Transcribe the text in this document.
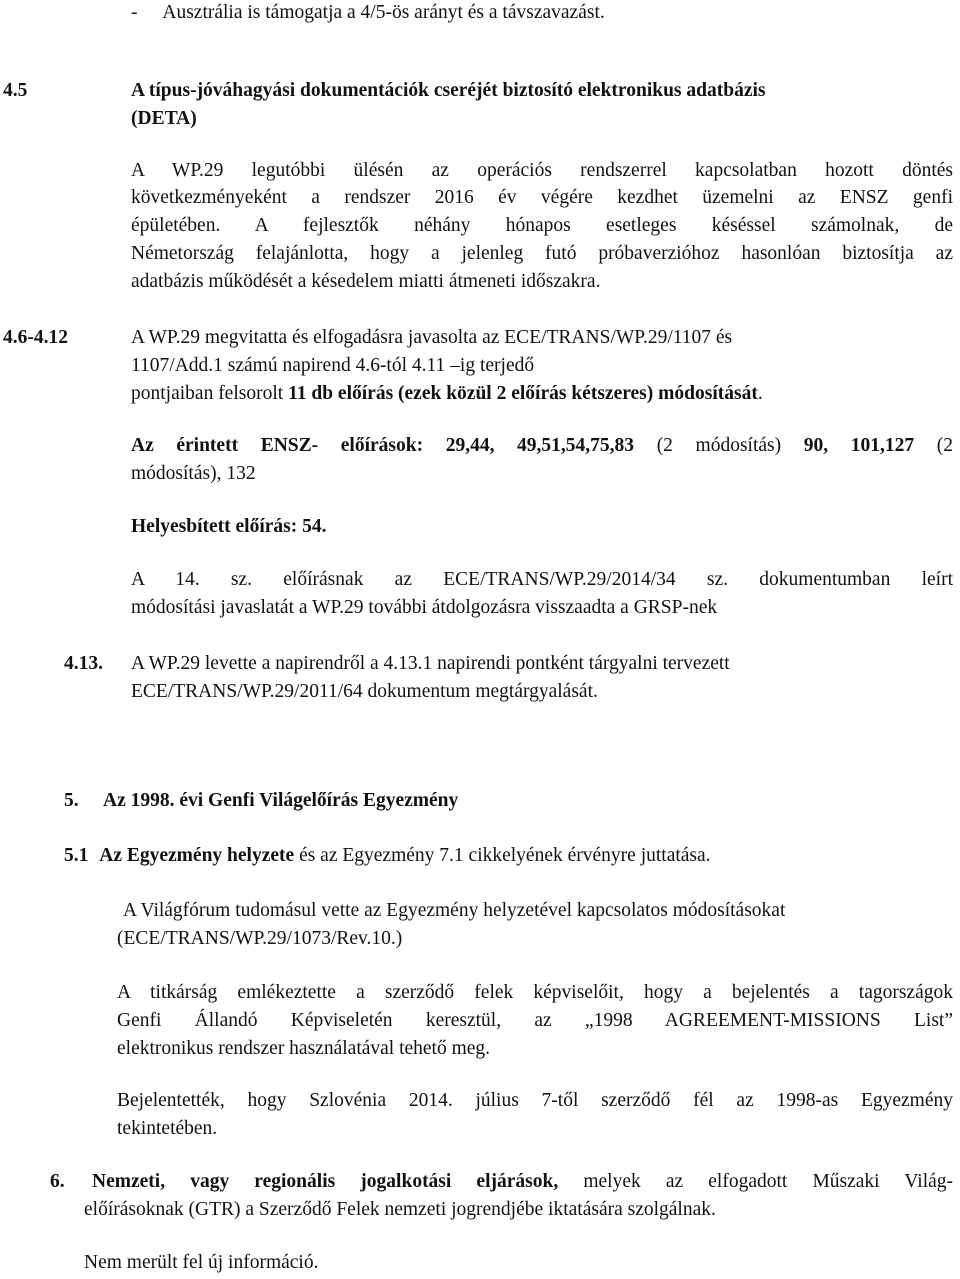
- Ausztrália is támogatja a 4/5-ös arányt és a távszavazást.
4.5	A típus-jóváhagyási dokumentációk cseréjét biztosító elektronikus adatbázis
(DETA)
A WP.29 legutóbbi ülésén az operációs rendszerrel kapcsolatban hozott döntés
következményeként a rendszer 2016 év végére kezdhet üzemelni az ENSZ genfi
épületében. A fejlesztők néhány hónapos esetleges késéssel számolnak, de
Németország felajánlotta, hogy a jelenleg futó próbaverzióhoz hasonlóan biztosítja az
adatbázis működését a késedelem miatti átmeneti időszakra.
4.6-4.12	A WP.29 megvitatta és elfogadásra javasolta az ECE/TRANS/WP.29/1107 és
1107/Add.1 számú napirend 4.6-tól 4.11 –ig terjedő
pontjaiban felsorolt 11 db előírás (ezek közül 2 előírás kétszeres) módosítását.
Az érintett ENSZ- előírások: 29,44, 49,51,54,75,83 (2 módosítás) 90, 101,127 (2
módosítás), 132
Helyesbített előírás: 54.
A 14. sz. előírásnak az ECE/TRANS/WP.29/2014/34 sz. dokumentumban leírt
módosítási javaslatát a WP.29 további átdolgozásra visszaadta a GRSP-nek
4.13. A WP.29 levette a napirendről a 4.13.1 napirendi pontként tárgyalni tervezett
ECE/TRANS/WP.29/2011/64 dokumentum megtárgyalását.
5. Az 1998. évi Genfi Világelőírás Egyezmény
5.1 Az Egyezmény helyzete és az Egyezmény 7.1 cikkelyének érvényre juttatása.
A Világfórum tudomásul vette az Egyezmény helyzetével kapcsolatos módosításokat
(ECE/TRANS/WP.29/1073/Rev.10.)
A titkárság emlékeztette a szerződő felek képviselőit, hogy a bejelentés a tagországok
Genfi Állandó Képviseletén keresztül, az „1998 AGREEMENT-MISSIONS List”
elektronikus rendszer használatával tehető meg.
Bejelentették, hogy Szlovénia 2014. július 7-től szerződő fél az 1998-as Egyezmény
tekintetében.
6. Nemzeti, vagy regionális jogalkotási eljárások, melyek az elfogadott Műszaki Világ-
előírásoknak (GTR) a Szerződő Felek nemzeti jogrendjébe iktatására szolgálnak.
Nem merült fel új információ.
